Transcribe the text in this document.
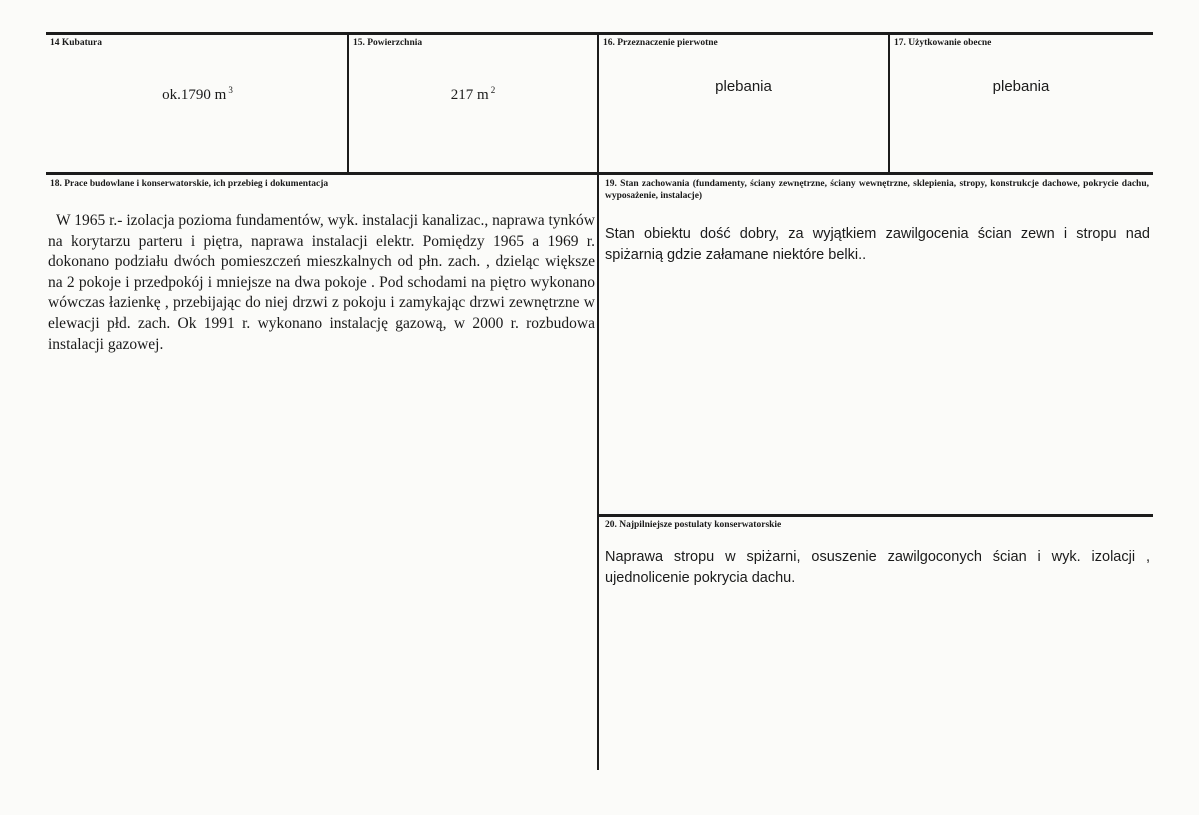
14 Kubatura
ok.1790 m $^3$
15. Powierzchnia
217 m $^2$
16. Przeznaczenie pierwotne
plebania
17. Użytkowanie obecne
plebania
18. Prace budowlane i konserwatorskie, ich przebieg i dokumentacja
W 1965 r.- izolacja pozioma fundamentów, wyk. instalacji kanalizac., naprawa tynków na korytarzu parteru i piętra, naprawa instalacji elektr. Pomiędzy 1965 a 1969 r. dokonano podziału dwóch pomieszczeń mieszkalnych od płn. zach. , dzieląc większe na 2 pokoje i przedpokój i mniejsze na dwa pokoje . Pod schodami na piętro wykonano wówczas łazienkę , przebijając do niej drzwi z pokoju i zamykając drzwi zewnętrzne w elewacji płd. zach. Ok 1991 r. wykonano instalację gazową, w 2000 r. rozbudowa instalacji gazowej.
19. Stan zachowania (fundamenty, ściany zewnętrzne, ściany wewnętrzne, sklepienia, stropy, konstrukcje dachowe, pokrycie dachu, wyposażenie, instalacje)
Stan obiektu dość dobry, za wyjątkiem zawilgocenia ścian zewn i stropu nad spiżarnią gdzie załamane niektóre belki..
20. Najpilniejsze postulaty konserwatorskie
Naprawa stropu w spiżarni, osuszenie zawilgoconych ścian i wyk. izolacji , ujednolicenie pokrycia dachu.
